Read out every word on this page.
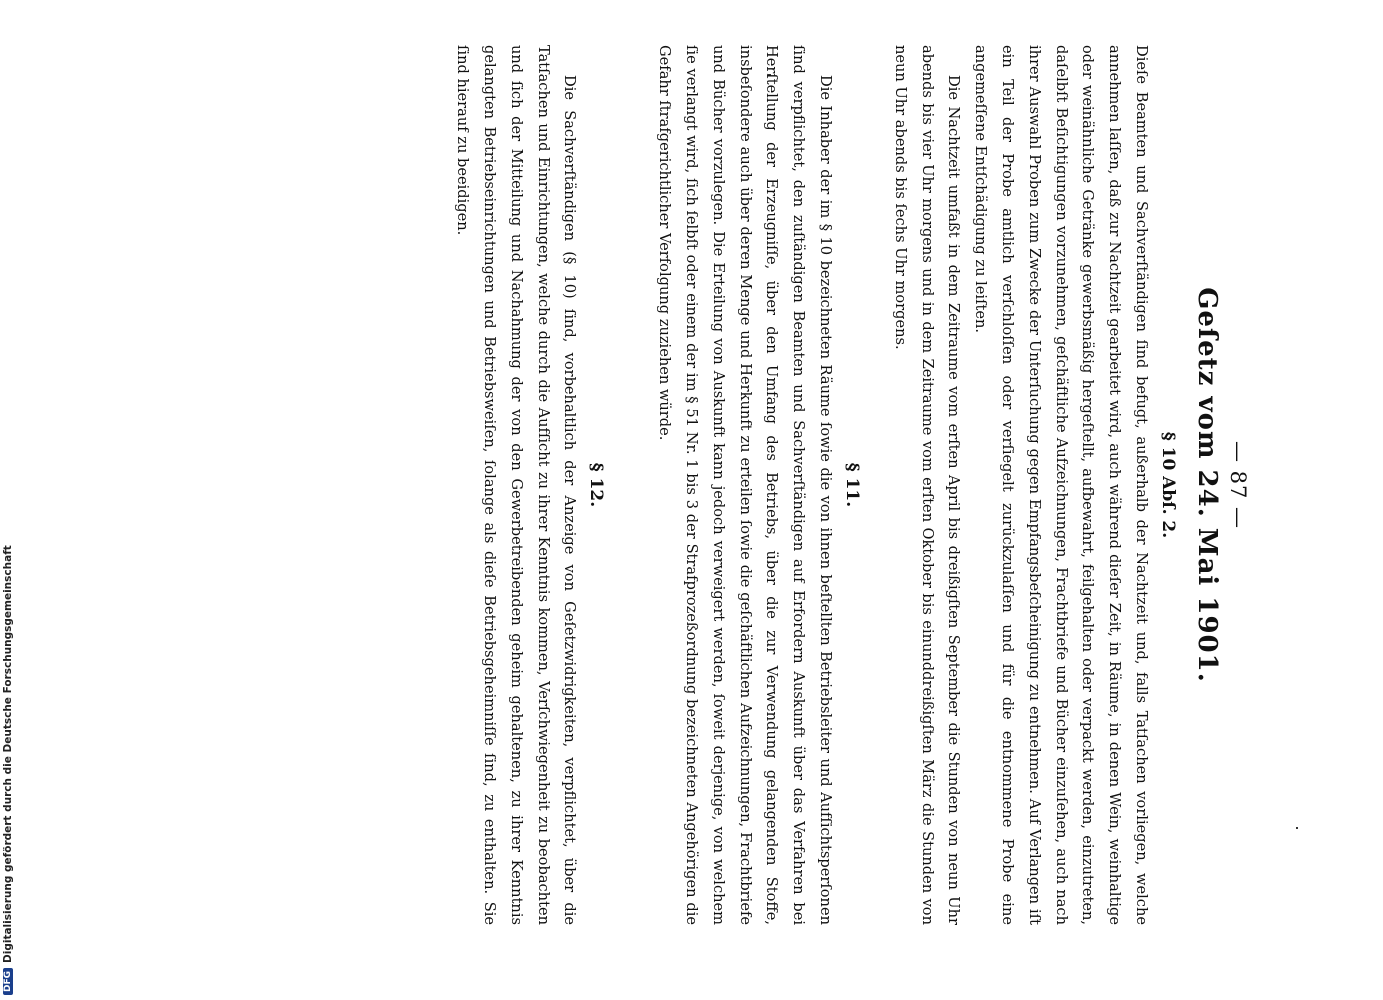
— 87 —
Geſetz vom 24. Mai 1901.
§ 10 Abſ. 2.

Dieſe Beamten und Sachverſtändigen ſind befugt, außerhalb der Nachtzeit und, falls Tatſachen vorliegen, welche annehmen laſſen, daß zur Nachtzeit gearbeitet wird, auch während dieſer Zeit, in Räume, in denen Wein, weinhaltige oder weinähnliche Getränke gewerbsmäßig hergeſtellt, aufbewahrt, feilgehalten oder verpackt werden, einzutreten, daſelbſt Beſichtigungen vorzunehmen, geſchäftliche Aufzeichnungen, Frachtbriefe und Bücher einzuſehen, auch nach ihrer Auswahl Proben zum Zwecke der Unterſuchung gegen Empfangsbeſcheinigung zu entnehmen. Auf Verlangen iſt ein Teil der Probe amtlich verſchloſſen oder verſiegelt zurückzulaſſen und für die entnommene Probe eine angemeſſene Entſchädigung zu leiſten.

Die Nachtzeit umfaßt in dem Zeitraume vom erſten April bis dreißigſten September die Stunden von neun Uhr abends bis vier Uhr morgens und in dem Zeitraume vom erſten Oktober bis einunddreißigſten März die Stunden von neun Uhr abends bis ſechs Uhr morgens.

§ 11.

Die Inhaber der im § 10 bezeichneten Räume ſowie die von ihnen beſtellten Betriebsleiter und Aufſichtsperſonen ſind verpflichtet, den zuſtändigen Beamten und Sachverſtändigen auf Erfordern Auskunft über das Verfahren bei Herſtellung der Erzeugniſſe, über den Umfang des Betriebs, über die zur Verwendung gelangenden Stoffe, insbeſondere auch über deren Menge und Herkunft zu erteilen ſowie die geſchäftlichen Aufzeichnungen, Frachtbriefe und Bücher vorzulegen. Die Erteilung von Auskunft kann jedoch verweigert werden, ſoweit derjenige, von welchem ſie verlangt wird, ſich ſelbſt oder einem der im § 51 Nr. 1 bis 3 der Strafprozeßordnung bezeichneten Angehörigen die Gefahr ſtrafgerichtlicher Verfolgung zuziehen würde.

§ 12.

Die Sachverſtändigen (§ 10) ſind, vorbehaltlich der Anzeige von Geſetzwidrigkeiten, verpflichtet, über die Tatſachen und Einrichtungen, welche durch die Aufſicht zu ihrer Kenntnis kommen, Verſchwiegenheit zu beobachten und ſich der Mitteilung und Nachahmung der von den Gewerbetreibenden geheim gehaltenen, zu ihrer Kenntnis gelangten Betriebseinrichtungen und Betriebsweiſen, ſolange als dieſe Betriebsgeheimniſſe ſind, zu enthalten. Sie ſind hierauf zu beeidigen.

DFGDigitalisierung gefördert durch die Deutsche Forschungsgemeinschaft
